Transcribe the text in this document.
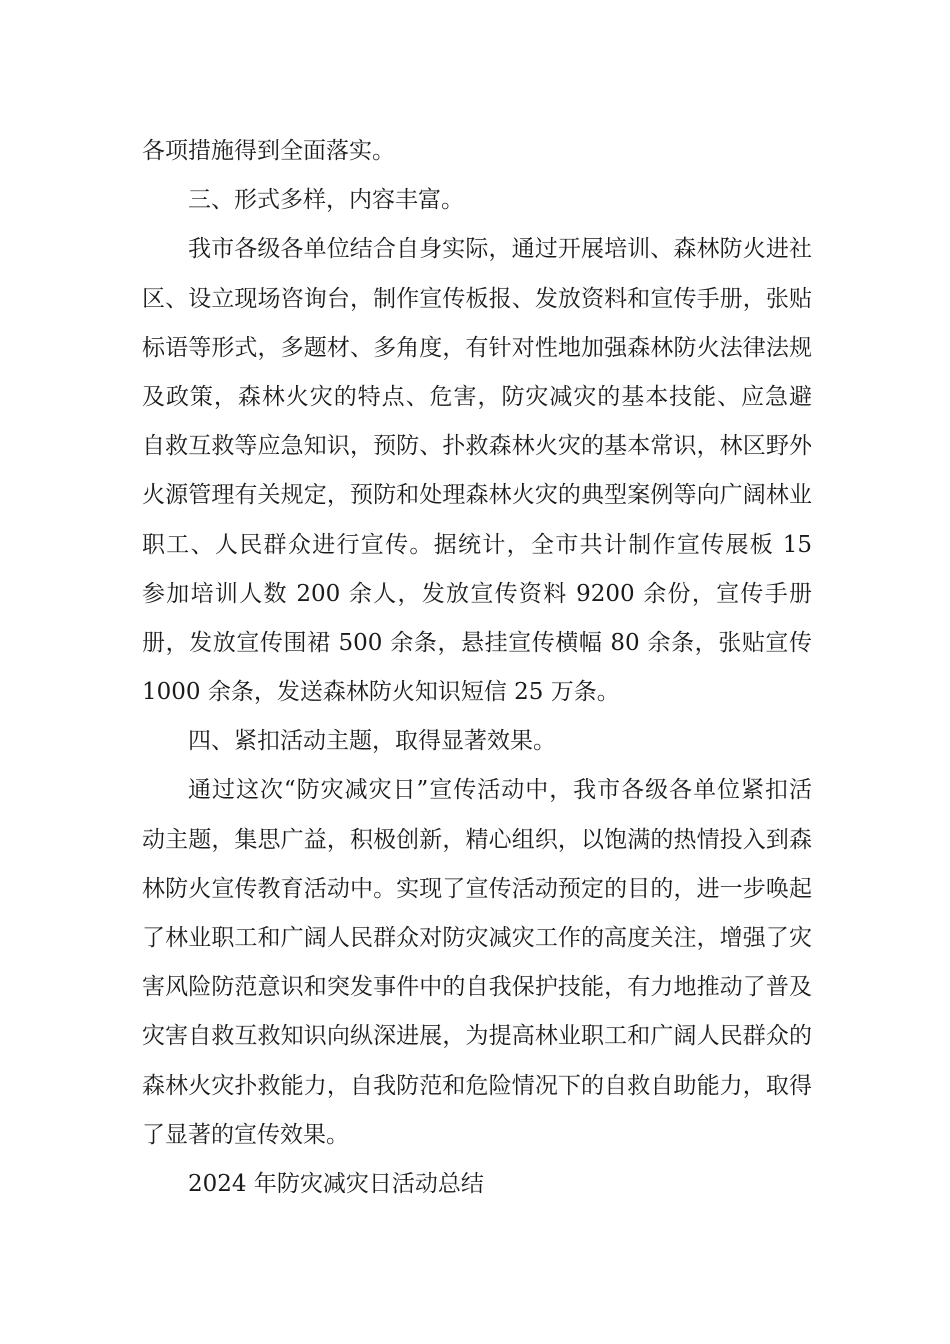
各项措施得到全面落实。
三、形式多样，内容丰富。
我市各级各单位结合自身实际，通过开展培训、森林防火进社
区、设立现场咨询台，制作宣传板报、发放资料和宣传手册，张贴
标语等形式，多题材、多角度，有针对性地加强森林防火法律法规
及政策，森林火灾的特点、危害，防灾减灾的基本技能、应急避
自救互救等应急知识，预防、扑救森林火灾的基本常识，林区野外
火源管理有关规定，预防和处理森林火灾的典型案例等向广阔林业
职工、人民群众进行宣传。据统计，全市共计制作宣传展板 15
参加培训人数 200 余人，发放宣传资料 9200 余份，宣传手册
册，发放宣传围裙 500 余条，悬挂宣传横幅 80 余条，张贴宣传
1000 余条，发送森林防火知识短信 25 万条。
四、紧扣活动主题，取得显著效果。
通过这次“防灾减灾日”宣传活动中，我市各级各单位紧扣活
动主题，集思广益，积极创新，精心组织，以饱满的热情投入到森
林防火宣传教育活动中。实现了宣传活动预定的目的，进一步唤起
了林业职工和广阔人民群众对防灾减灾工作的高度关注，增强了灾
害风险防范意识和突发事件中的自我保护技能，有力地推动了普及
灾害自救互救知识向纵深进展，为提高林业职工和广阔人民群众的
森林火灾扑救能力，自我防范和危险情况下的自救自助能力，取得
了显著的宣传效果。
2024 年防灾减灾日活动总结
